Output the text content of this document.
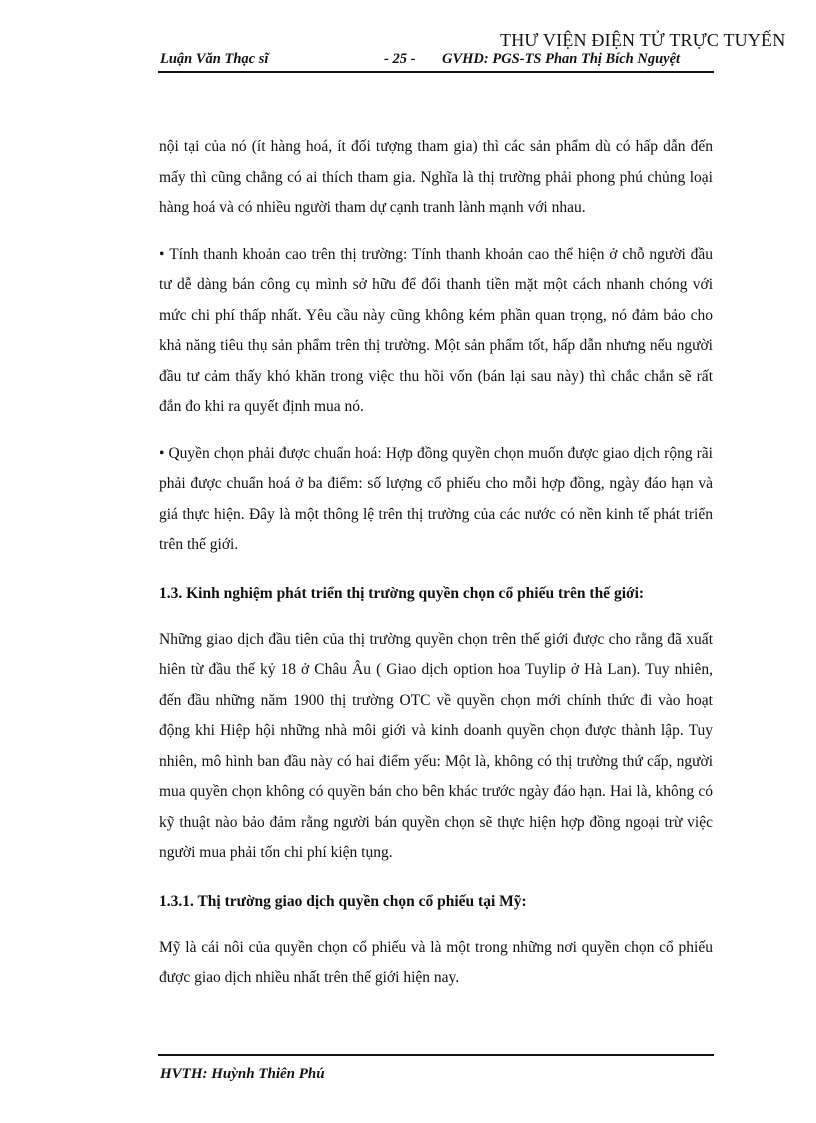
THƯ VIỆN ĐIỆN TỬ TRỰC TUYẾN
Luận Văn Thạc sĩ	- 25 - GVHD: PGS-TS Phan Thị Bích Nguyệt

nội tại của nó (ít hàng hoá, ít đối tượng tham gia) thì các sản phẩm dù có hấp dẫn đến mấy thì cũng chẳng có ai thích tham gia. Nghĩa là thị trường phải phong phú chủng loại hàng hoá và có nhiều người tham dự cạnh tranh lành mạnh với nhau.

• Tính thanh khoản cao trên thị trường: Tính thanh khoản cao thể hiện ở chỗ người đầu tư dễ dàng bán công cụ mình sở hữu để đổi thanh tiền mặt một cách nhanh chóng với mức chi phí thấp nhất. Yêu cầu này cũng không kém phần quan trọng, nó đảm bảo cho khả năng tiêu thụ sản phẩm trên thị trường. Một sản phẩm tốt, hấp dẫn nhưng nếu người đầu tư cảm thấy khó khăn trong việc thu hồi vốn (bán lại sau này) thì chắc chắn sẽ rất đắn đo khi ra quyết định mua nó.

• Quyền chọn phải được chuẩn hoá: Hợp đồng quyền chọn muốn được giao dịch rộng rãi phải được chuẩn hoá ở ba điểm: số lượng cổ phiếu cho mỗi hợp đồng, ngày đáo hạn và giá thực hiện. Đây là một thông lệ trên thị trường của các nước có nền kinh tế phát triển trên thế giới.

1.3. Kinh nghiệm phát triển thị trường quyền chọn cổ phiếu trên thế giới:

Những giao dịch đầu tiên của thị trường quyền chọn trên thế giới được cho rằng đã xuất hiên từ đầu thế kỷ 18 ở Châu Âu ( Giao dịch option hoa Tuylip ở Hà Lan). Tuy nhiên, đến đầu những năm 1900 thị trường OTC về quyền chọn mới chính thức đi vào hoạt động khi Hiệp hội những nhà môi giới và kinh doanh quyền chọn được thành lập. Tuy nhiên, mô hình ban đầu này có hai điểm yếu: Một là, không có thị trường thứ cấp, người mua quyền chọn không có quyền bán cho bên khác trước ngày đáo hạn. Hai là, không có kỹ thuật nào bảo đảm rằng người bán quyền chọn sẽ thực hiện hợp đồng ngoại trừ việc người mua phải tốn chi phí kiện tụng.

1.3.1. Thị trường giao dịch quyền chọn cổ phiếu tại Mỹ:

Mỹ là cái nôi của quyền chọn cổ phiếu và là một trong những nơi quyền chọn cổ phiếu được giao dịch nhiều nhất trên thế giới hiện nay.

HVTH: Huỳnh Thiên Phú
